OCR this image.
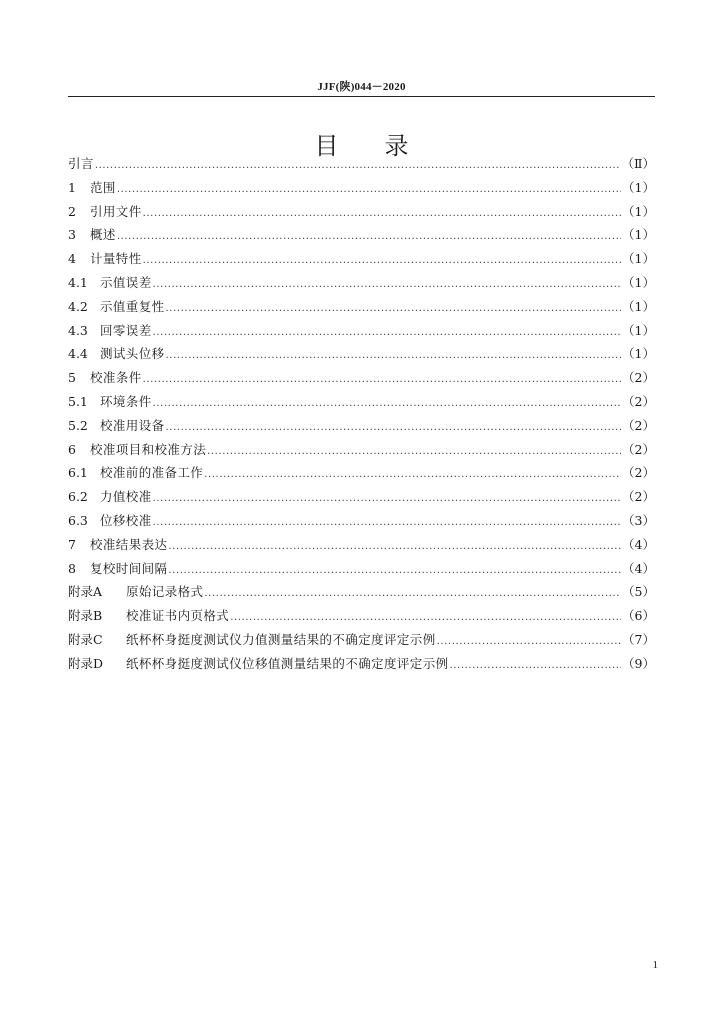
JJF(陕)044－2020
目录
引言 .....	（Ⅱ）
1	范围 .....	（1）
2	引用文件 .....	（1）
3	概述 .....	（1）
4	计量特性 .....	（1）
4.1 示值误差 .....	（1）
4.2 示值重复性 .....	（1）
4.3 回零误差 .....	（1）
4.4 测试头位移 .....	（1）
5	校准条件 .....	（2）
5.1 环境条件 .....	（2）
5.2 校准用设备 .....	（2）
6	校准项目和校准方法 .....	（2）
6.1 校准前的准备工作 .....	（2）
6.2 力值校准 .....	（2）
6.3 位移校准 .....	（3）
7	校准结果表达 .....	（4）
8	复校时间间隔 .....	（4）
附录A	原始记录格式 .....	（5）
附录B	校准证书内页格式 .....	（6）
附录C	纸杯杯身挺度测试仪力值测量结果的不确定度评定示例 .....	（7）
附录D	纸杯杯身挺度测试仪位移值测量结果的不确定度评定示例 .....	（9）
1
